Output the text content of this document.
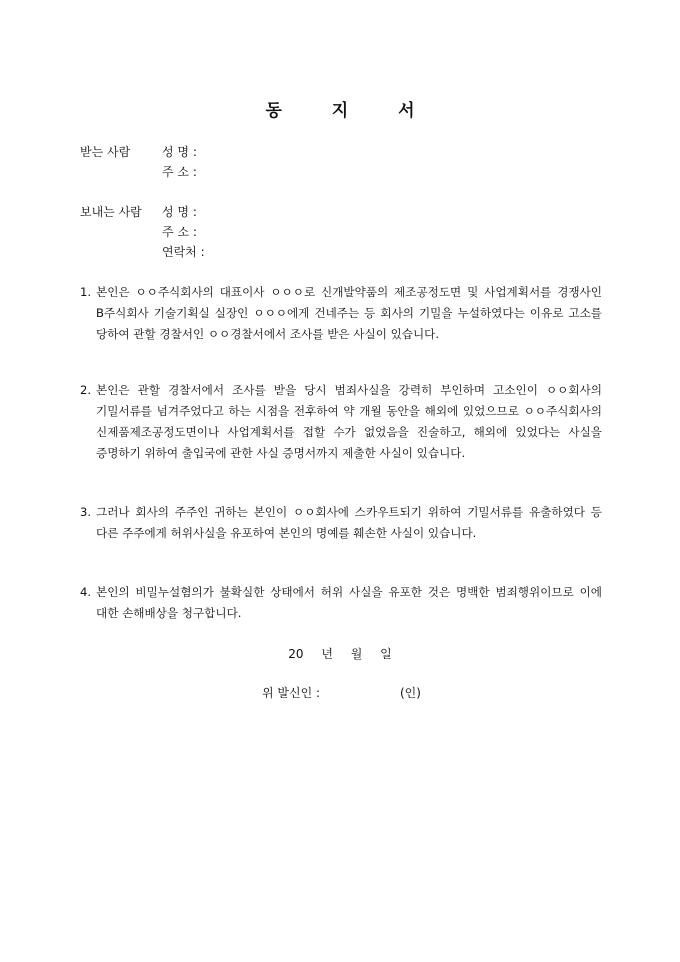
동 지 서
받는 사람	성 명 :
주 소 :
보내는 사람	성 명 :
주 소 :
연락처 :
1. 본인은 ㅇㅇ주식회사의 대표이사 ㅇㅇㅇ로 신개발약품의 제조공정도면 및 사업계획서를 경쟁사인 B주식회사 기술기획실 실장인 ㅇㅇㅇ에게 건네주는 등 회사의 기밀을 누설하였다는 이유로 고소를 당하여 관할 경찰서인 ㅇㅇ경찰서에서 조사를 받은 사실이 있습니다.
2. 본인은 관할 경찰서에서 조사를 받을 당시 범죄사실을 강력히 부인하며 고소인이 ㅇㅇ회사의 기밀서류를 넘겨주었다고 하는 시점을 전후하여 약 개월 동안을 해외에 있었으므로 ㅇㅇ주식회사의 신제품제조공정도면이나 사업계획서를 접할 수가 없었음을 진술하고, 해외에 있었다는 사실을 증명하기 위하여 출입국에 관한 사실 증명서까지 제출한 사실이 있습니다.
3. 그러나 회사의 주주인 귀하는 본인이 ㅇㅇ회사에 스카우트되기 위하여 기밀서류를 유출하였다 등 다른 주주에게 허위사실을 유포하여 본인의 명예를 훼손한 사실이 있습니다.
4. 본인의 비밀누설혐의가 불확실한 상태에서 허위 사실을 유포한 것은 명백한 범죄행위이므로 이에 대한 손해배상을 청구합니다.
20 년 월 일
위 발신인 :	(인)
